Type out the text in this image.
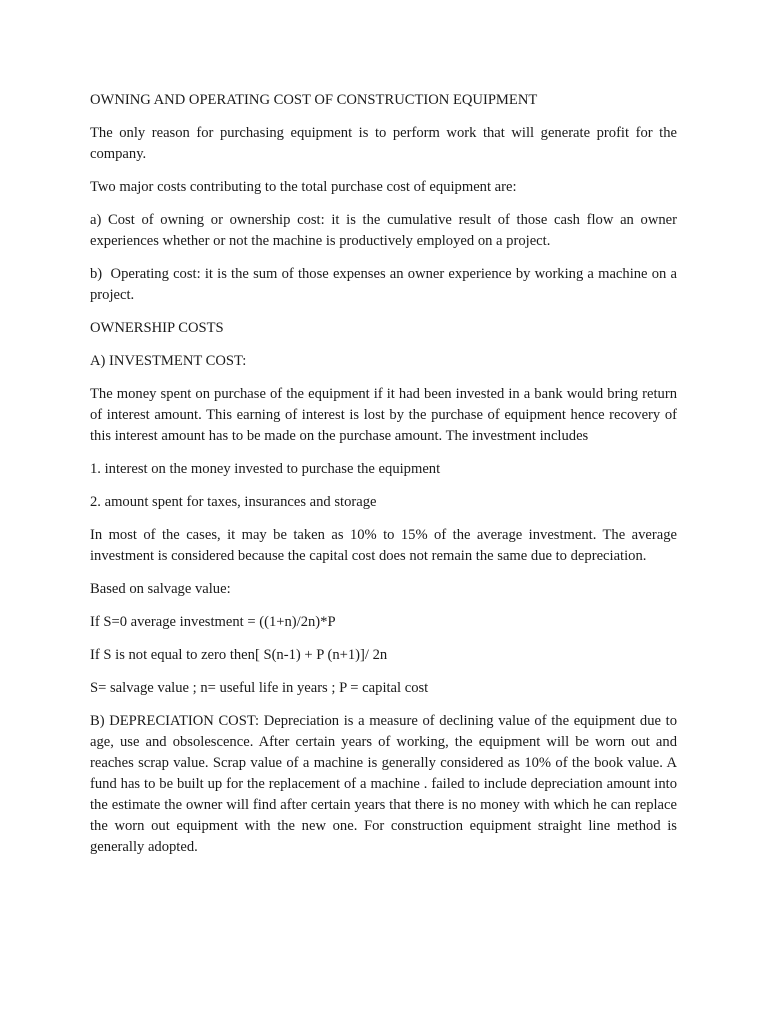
OWNING AND OPERATING COST OF CONSTRUCTION EQUIPMENT

The only reason for purchasing equipment is to perform work that will generate profit for the company.

Two major costs contributing to the total purchase cost of equipment are:

a) Cost of owning or ownership cost: it is the cumulative result of those cash flow an owner experiences whether or not the machine is productively employed on a project.

b)  Operating cost: it is the sum of those expenses an owner experience by working a machine on a project.

OWNERSHIP COSTS

A) INVESTMENT COST:

The money spent on purchase of the equipment if it had been invested in a bank would bring return of interest amount. This earning of interest is lost by the purchase of equipment hence recovery of this interest amount has to be made on the purchase amount. The investment includes

1. interest on the money invested to purchase the equipment

2. amount spent for taxes, insurances and storage

In most of the cases, it may be taken as 10% to 15% of the average investment. The average investment is considered because the capital cost does not remain the same due to depreciation.

Based on salvage value:

If S=0 average investment = ((1+n)/2n)*P

If S is not equal to zero then[ S(n-1) + P (n+1)]/ 2n

S= salvage value ; n= useful life in years ; P = capital cost

B) DEPRECIATION COST: Depreciation is a measure of declining value of the equipment due to age, use and obsolescence. After certain years of working, the equipment will be worn out and reaches scrap value. Scrap value of a machine is generally considered as 10% of the book value. A fund has to be built up for the replacement of a machine . failed to include depreciation amount into the estimate the owner will find after certain years that there is no money with which he can replace the worn out equipment with the new one. For construction equipment straight line method is generally adopted.
